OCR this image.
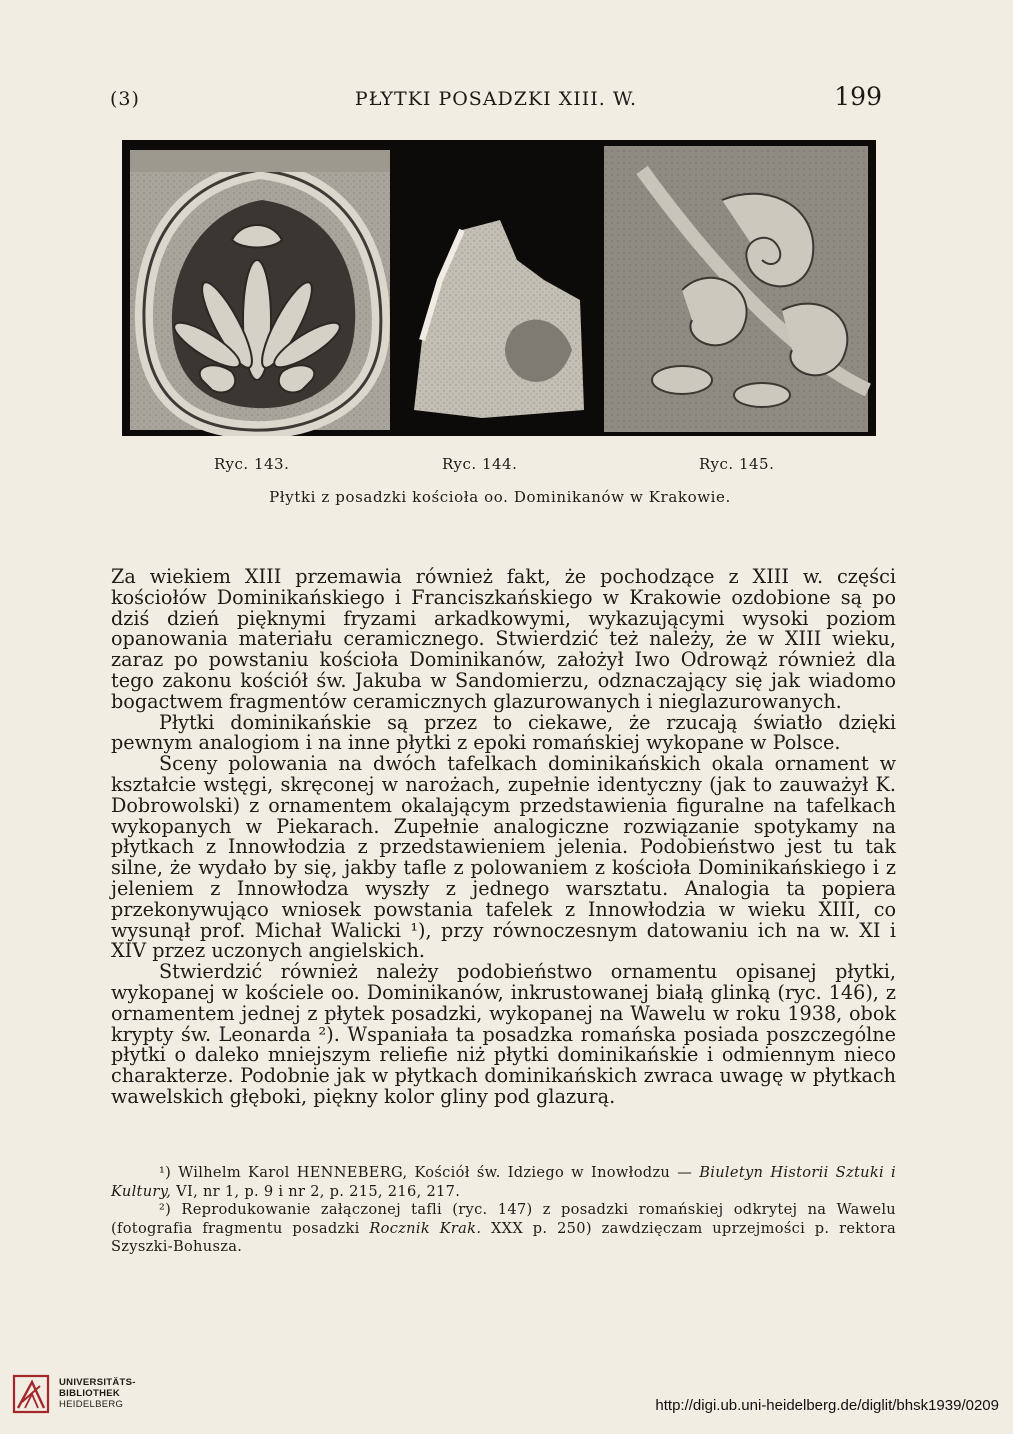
(3)	PŁYTKI POSADZKI XIII. W.	199
Ryc. 143.	Ryc. 144.	Ryc. 145.
Płytki z posadzki kościoła oo. Dominikanów w Krakowie.

Za wiekiem XIII przemawia również fakt, że pochodzące z XIII w. części kościołów Dominikańskiego i Franciszkańskiego w Krakowie ozdobione są po dziś dzień pięknymi fryzami arkadkowymi, wykazującymi wysoki poziom opanowania materiału ceramicznego. Stwierdzić też należy, że w XIII wieku, zaraz po powstaniu kościoła Dominikanów, założył Iwo Odrowąż również dla tego zakonu kościół św. Jakuba w Sandomierzu, odznaczający się jak wiadomo bogactwem fragmentów ceramicznych glazurowanych i nieglazurowanych.

Płytki dominikańskie są przez to ciekawe, że rzucają światło dzięki pewnym analogiom i na inne płytki z epoki romańskiej wykopane w Polsce.

Sceny polowania na dwóch tafelkach dominikańskich okala ornament w kształcie wstęgi, skręconej w narożach, zupełnie identyczny (jak to zauważył K. Dobrowolski) z ornamentem okalającym przedstawienia figuralne na tafelkach wykopanych w Piekarach. Zupełnie analogiczne rozwiązanie spotykamy na płytkach z Innowłodzia z przedstawieniem jelenia. Podobieństwo jest tu tak silne, że wydało by się, jakby tafle z polowaniem z kościoła Dominikańskiego i z jeleniem z Innowłodza wyszły z jednego warsztatu. Analogia ta popiera przekonywująco wniosek powstania tafelek z Innowłodzia w wieku XIII, co wysunął prof. Michał Walicki ¹), przy równoczesnym datowaniu ich na w. XI i XIV przez uczonych angielskich.

Stwierdzić również należy podobieństwo ornamentu opisanej płytki, wykopanej w kościele oo. Dominikanów, inkrustowanej białą glinką (ryc. 146), z ornamentem jednej z płytek posadzki, wykopanej na Wawelu w roku 1938, obok krypty św. Leonarda ²). Wspaniała ta posadzka romańska posiada poszczególne płytki o daleko mniejszym reliefie niż płytki dominikańskie i odmiennym nieco charakterze. Podobnie jak w płytkach dominikańskich zwraca uwagę w płytkach wawelskich głęboki, piękny kolor gliny pod glazurą.

¹) Wilhelm Karol HENNEBERG, Kościół św. Idziego w Inowłodzu — Biuletyn Historii Sztuki i Kultury, VI, nr 1, p. 9 i nr 2, p. 215, 216, 217.

²) Reprodukowanie załączonej tafli (ryc. 147) z posadzki romańskiej odkrytej na Wawelu (fotografia fragmentu posadzki Rocznik Krak. XXX p. 250) zawdzięczam uprzejmości p. rektora Szyszki-Bohusza.

UNIVERSITÄTS-
BIBLIOTHEK
HEIDELBERG	http://digi.ub.uni-heidelberg.de/diglit/bhsk1939/0209
